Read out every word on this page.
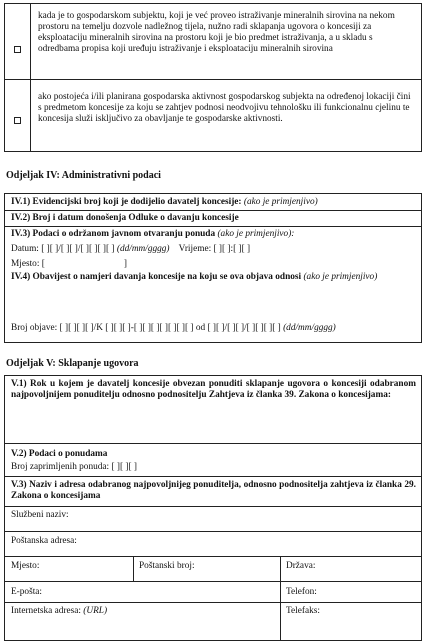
kada je to gospodarskom subjektu, koji je već proveo istraživanje mineralnih sirovina na nekom prostoru na temelju dozvole nadležnog tijela, nužno radi sklapanja ugovora o koncesiji za eksploataciju mineralnih sirovina na prostoru koji je bio predmet istraživanja, a u skladu s odredbama propisa koji uređuju istraživanje i eksploataciju mineralnih sirovina
ako postojeća i/ili planirana gospodarska aktivnost gospodarskog subjekta na određenoj lokaciji čini s predmetom koncesije za koju se zahtjev podnosi neodvojivu tehnološku ili funkcionalnu cjelinu te koncesija služi isključivo za obavljanje te gospodarske aktivnosti.
Odjeljak IV: Administrativni podaci
IV.1) Evidencijski broj koji je dodijelio davatelj koncesije: (ako je primjenjivo)
IV.2) Broj i datum donošenja Odluke o davanju koncesije
IV.3) Podaci o održanom javnom otvaranju ponuda (ako je primjenjivo):
Datum: [ ][ ]/[ ][ ]/[ ][ ][ ][ ] (dd/mm/gggg) Vrijeme: [ ][ ]:[ ][ ]
Mjesto: [                                  ]
IV.4) Obavijest o namjeri davanja koncesije na koju se ova objava odnosi (ako je primjenjivo)
Broj objave: [ ][ ][ ][ ]/K [ ][ ][ ]-[ ][ ][ ][ ][ ][ ][ ] od [ ][ ]/[ ][ ]/[ ][ ][ ][ ] (dd/mm/gggg)
Odjeljak V: Sklapanje ugovora
V.1) Rok u kojem je davatelj koncesije obvezan ponuditi sklapanje ugovora o koncesiji odabranom najpovoljnijem ponuditelju odnosno podnositelju Zahtjeva iz članka 39. Zakona o koncesijama:
V.2) Podaci o ponudama
Broj zaprimljenih ponuda: [ ][ ][ ]
V.3) Naziv i adresa odabranog najpovoljnijeg ponuditelja, odnosno podnositelja zahtjeva iz članka 29. Zakona o koncesijama
Službeni naziv:
Poštanska adresa:
Mjesto:	Poštanski broj:	Država:
E-pošta:	Telefon:
Internetska adresa: (URL)	Telefaks:
